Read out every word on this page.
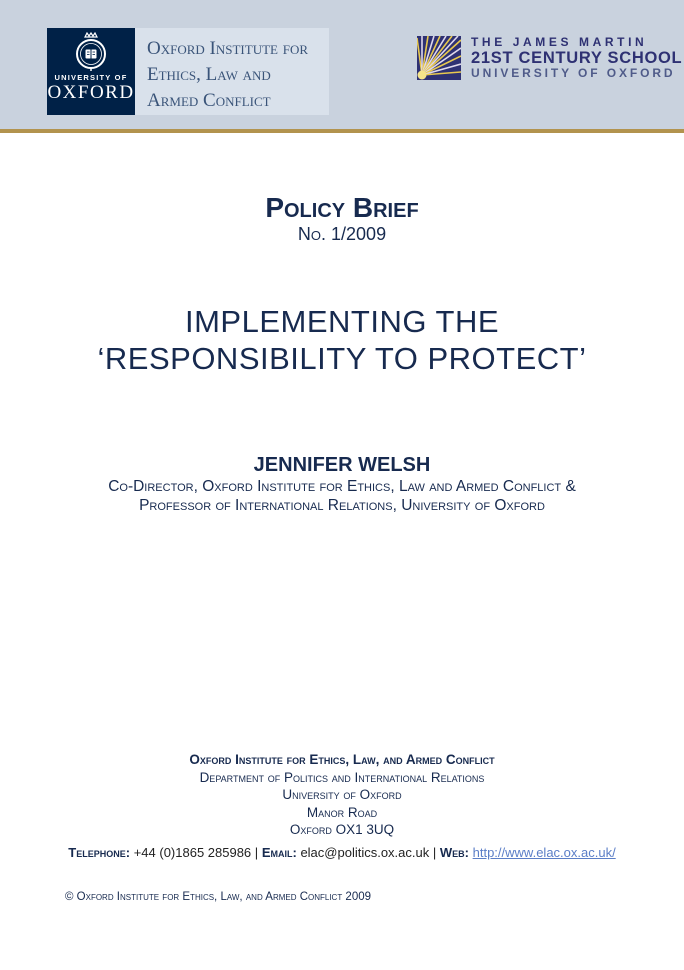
UNIVERSITY OF
OXFORD
Oxford Institute for
Ethics, Law and
Armed Conflict
THE JAMES MARTIN
21ST CENTURY SCHOOL
UNIVERSITY OF OXFORD
Policy Brief
No. 1/2009
IMPLEMENTING THE
‘RESPONSIBILITY TO PROTECT’
JENNIFER WELSH
Co-Director, Oxford Institute for Ethics, Law and Armed Conflict &
Professor of International Relations, University of Oxford
Oxford Institute for Ethics, Law, and Armed Conflict
Department of Politics and International Relations
University of Oxford
Manor Road
Oxford OX1 3UQ
Telephone: +44 (0)1865 285986 | Email: elac@politics.ox.ac.uk | Web: http://www.elac.ox.ac.uk/
© Oxford Institute for Ethics, Law, and Armed Conflict 2009
